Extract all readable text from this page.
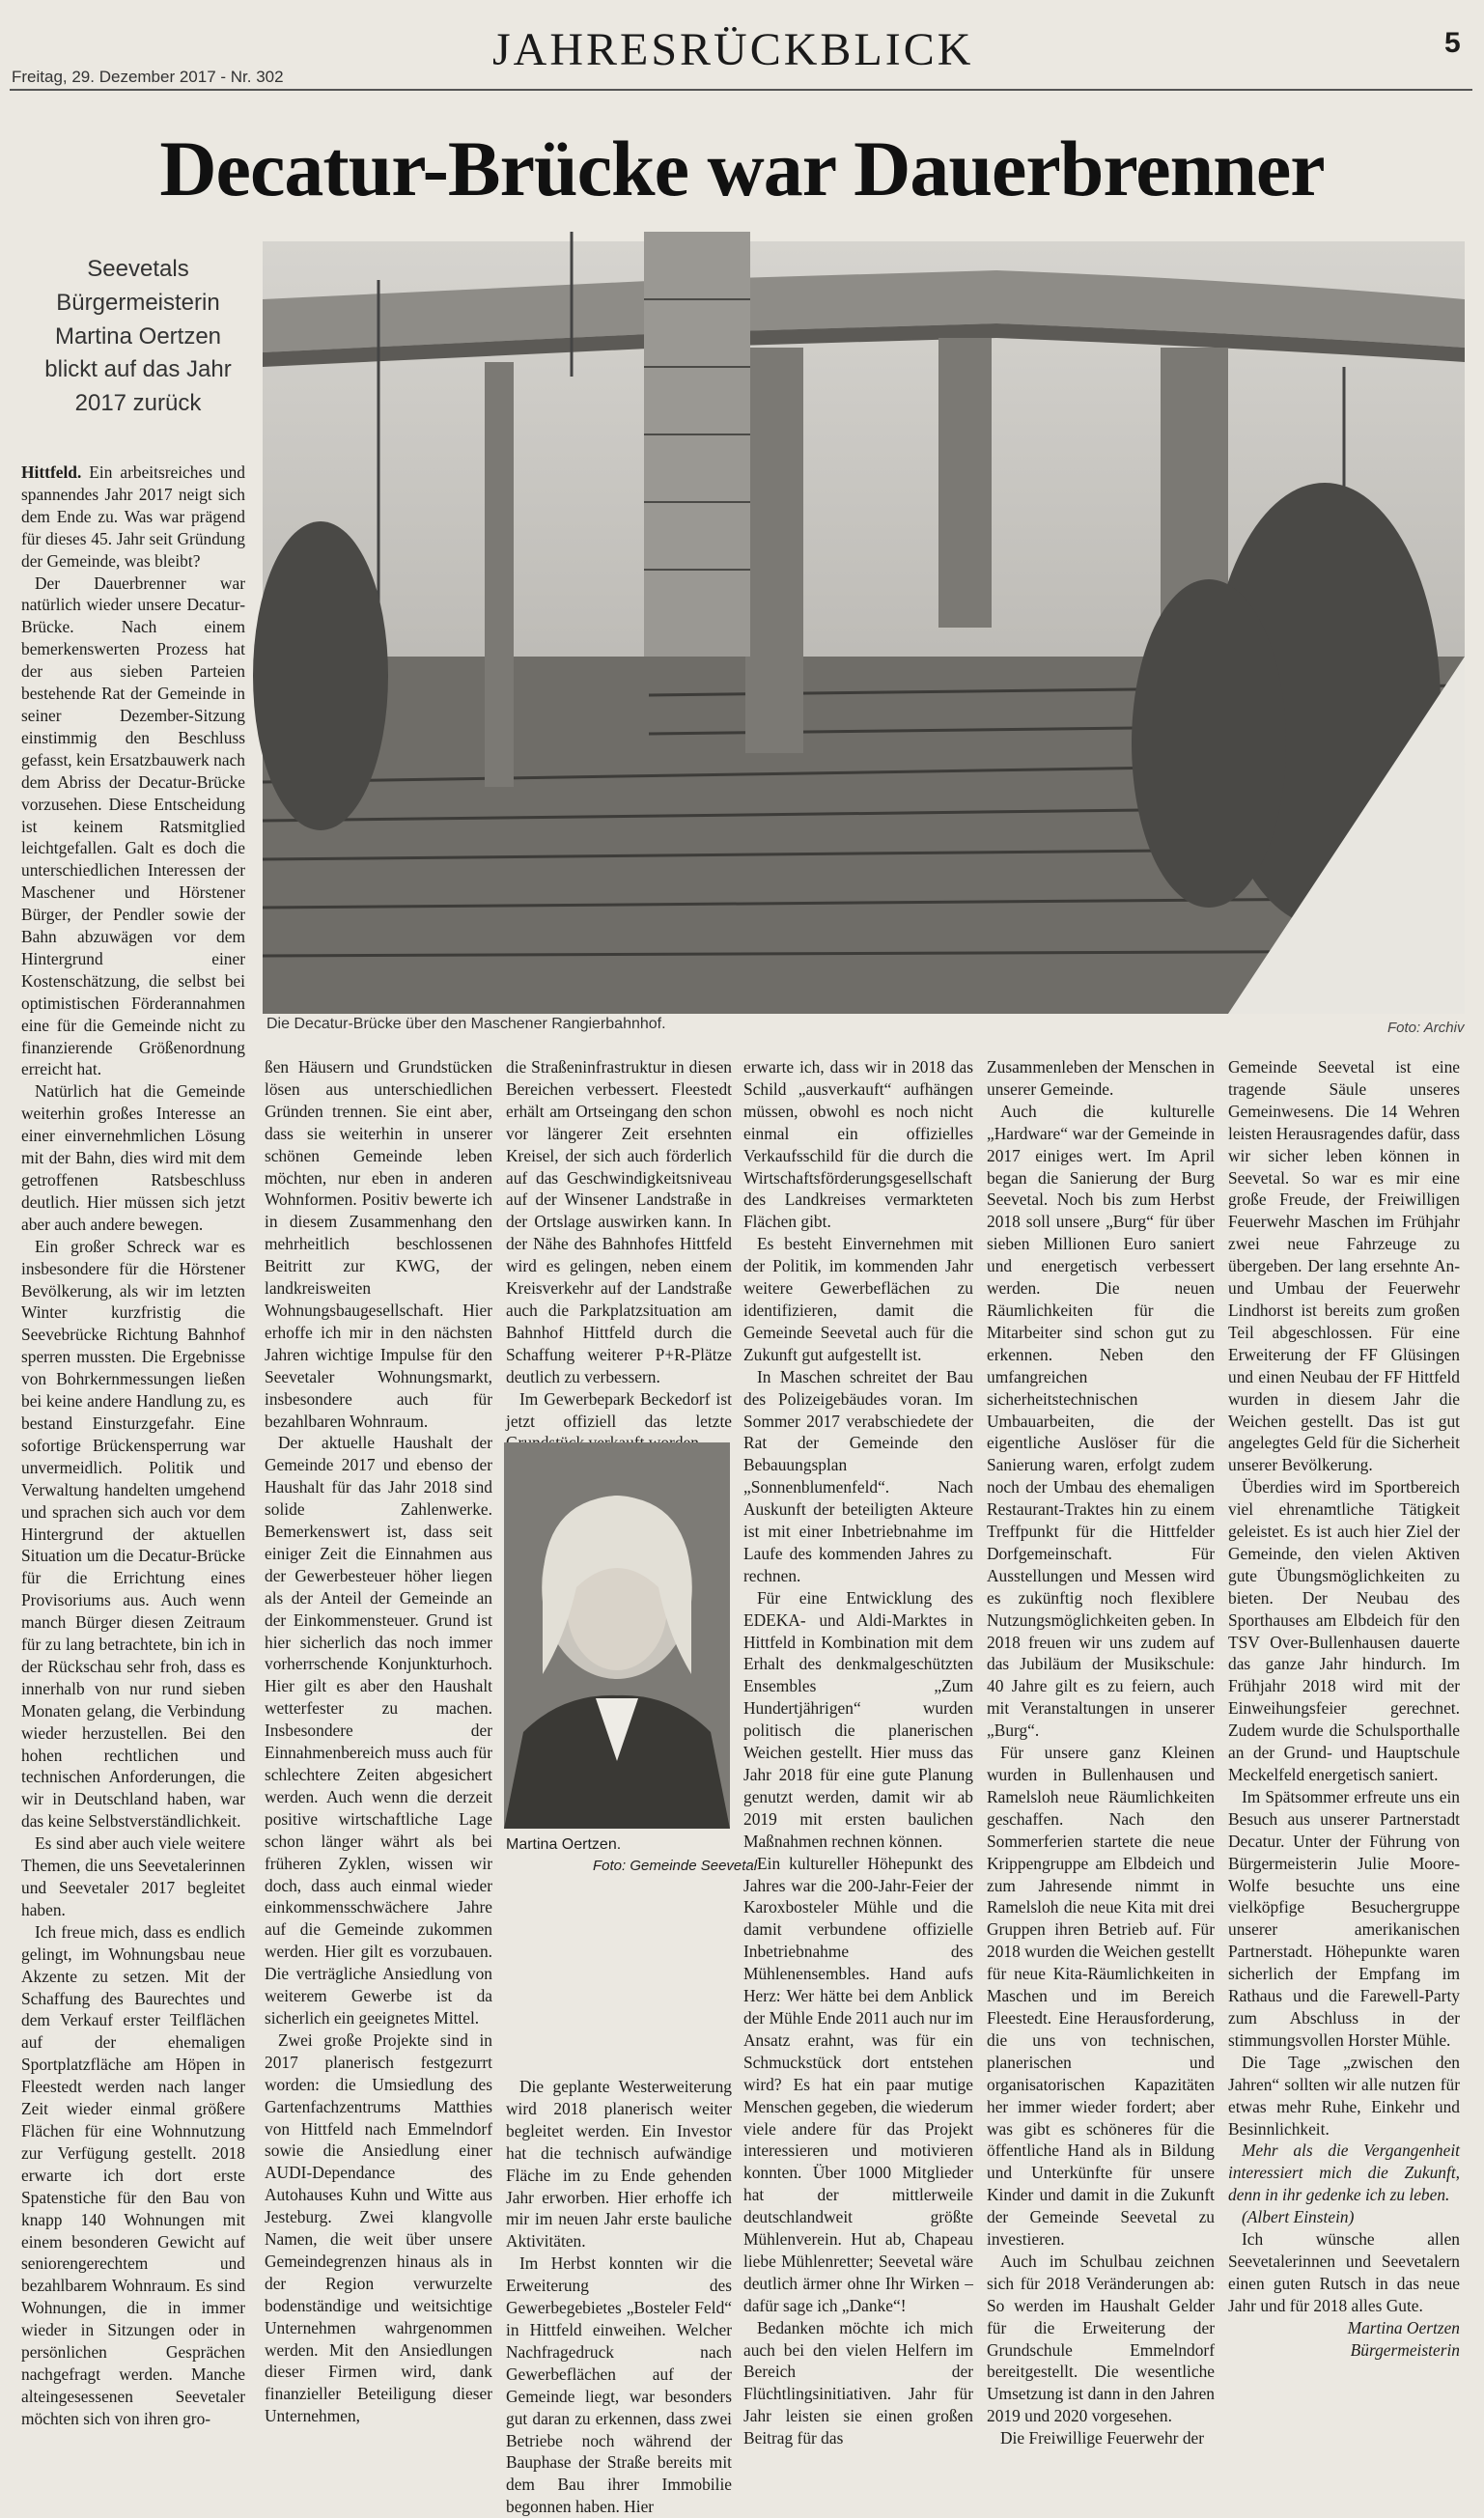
Freitag, 29. Dezember 2017 - Nr. 302
JAHRESRÜCKBLICK	5
Decatur-Brücke war Dauerbrenner
Seevetals Bürgermeisterin Martina Oertzen blickt auf das Jahr 2017 zurück
Die Decatur-Brücke über den Maschener Rangierbahnhof.	Foto: Archiv

Hittfeld. Ein arbeitsreiches und spannendes Jahr 2017 neigt sich dem Ende zu. Was war prägend für dieses 45. Jahr seit Gründung der Gemeinde, was bleibt?

Der Dauerbrenner war natürlich wieder unsere Decatur-Brücke. Nach einem bemerkenswerten Prozess hat der aus sieben Parteien bestehende Rat der Gemeinde in seiner Dezember-Sitzung einstimmig den Beschluss gefasst, kein Ersatzbauwerk nach dem Abriss der Decatur-Brücke vorzusehen. Diese Entscheidung ist keinem Ratsmitglied leichtgefallen. Galt es doch die unterschiedlichen Interessen der Maschener und Hörstener Bürger, der Pendler sowie der Bahn abzuwägen vor dem Hintergrund einer Kostenschätzung, die selbst bei optimistischen Förderannahmen eine für die Gemeinde nicht zu finanzierende Größenordnung erreicht hat.

Natürlich hat die Gemeinde weiterhin großes Interesse an einer einvernehmlichen Lösung mit der Bahn, dies wird mit dem getroffenen Ratsbeschluss deutlich. Hier müssen sich jetzt aber auch andere bewegen.

Ein großer Schreck war es insbesondere für die Hörstener Bevölkerung, als wir im letzten Winter kurzfristig die Seevebrücke Richtung Bahnhof sperren mussten. Die Ergebnisse von Bohrkernmessungen ließen bei keine andere Handlung zu, es bestand Einsturzgefahr. Eine sofortige Brückensperrung war unvermeidlich. Politik und Verwaltung handelten umgehend und sprachen sich auch vor dem Hintergrund der aktuellen Situation um die Decatur-Brücke für die Errichtung eines Provisoriums aus. Auch wenn manch Bürger diesen Zeitraum für zu lang betrachtete, bin ich in der Rückschau sehr froh, dass es innerhalb von nur rund sieben Monaten gelang, die Verbindung wieder herzustellen. Bei den hohen rechtlichen und technischen Anforderungen, die wir in Deutschland haben, war das keine Selbstverständlichkeit.

Es sind aber auch viele weitere Themen, die uns Seevetalerinnen und Seevetaler 2017 begleitet haben.

Ich freue mich, dass es endlich gelingt, im Wohnungsbau neue Akzente zu setzen. Mit der Schaffung des Baurechtes und dem Verkauf erster Teilflächen auf der ehemaligen Sportplatzfläche am Höpen in Fleestedt werden nach langer Zeit wieder einmal größere Flächen für eine Wohnnutzung zur Verfügung gestellt. 2018 erwarte ich dort erste Spatenstiche für den Bau von knapp 140 Wohnungen mit einem besonderen Gewicht auf seniorengerechtem und bezahlbarem Wohnraum. Es sind Wohnungen, die in immer wieder in Sitzungen oder in persönlichen Gesprächen nachgefragt werden. Manche alteingesessenen Seevetaler möchten sich von ihren gro-

ßen Häusern und Grundstücken lösen aus unterschiedlichen Gründen trennen. Sie eint aber, dass sie weiterhin in unserer schönen Gemeinde leben möchten, nur eben in anderen Wohnformen. Positiv bewerte ich in diesem Zusammenhang den mehrheitlich beschlossenen Beitritt zur KWG, der landkreisweiten Wohnungsbaugesellschaft. Hier erhoffe ich mir in den nächsten Jahren wichtige Impulse für den Seevetaler Wohnungsmarkt, insbesondere auch für bezahlbaren Wohnraum.

Der aktuelle Haushalt der Gemeinde 2017 und ebenso der Haushalt für das Jahr 2018 sind solide Zahlenwerke. Bemerkenswert ist, dass seit einiger Zeit die Einnahmen aus der Gewerbesteuer höher liegen als der Anteil der Gemeinde an der Einkommensteuer. Grund ist hier sicherlich das noch immer vorherrschende Konjunkturhoch. Hier gilt es aber den Haushalt wetterfester zu machen. Insbesondere der Einnahmenbereich muss auch für schlechtere Zeiten abgesichert werden. Auch wenn die derzeit positive wirtschaftliche Lage schon länger währt als bei früheren Zyklen, wissen wir doch, dass auch einmal wieder einkommensschwächere Jahre auf die Gemeinde zukommen werden. Hier gilt es vorzubauen. Die verträgliche Ansiedlung von weiterem Gewerbe ist da sicherlich ein geeignetes Mittel.

Zwei große Projekte sind in 2017 planerisch festgezurrt worden: die Umsiedlung des Gartenfachzentrums Matthies von Hittfeld nach Emmelndorf sowie die Ansiedlung einer AUDI-Dependance des Autohauses Kuhn und Witte aus Jesteburg. Zwei klangvolle Namen, die weit über unsere Gemeindegrenzen hinaus als in der Region verwurzelte bodenständige und weitsichtige Unternehmen wahrgenommen werden. Mit den Ansiedlungen dieser Firmen wird, dank finanzieller Beteiligung dieser Unternehmen,

die Straßeninfrastruktur in diesen Bereichen verbessert. Fleestedt erhält am Ortseingang den schon vor längerer Zeit ersehnten Kreisel, der sich auch förderlich auf das Geschwindigkeitsniveau auf der Winsener Landstraße in der Ortslage auswirken kann. In der Nähe des Bahnhofes Hittfeld wird es gelingen, neben einem Kreisverkehr auf der Landstraße auch die Parkplatzsituation am Bahnhof Hittfeld durch die Schaffung weiterer P+R-Plätze deutlich zu verbessern.

Im Gewerbepark Beckedorf ist jetzt offiziell das letzte

Martina Oertzen.
Foto: Gemeinde Seevetal

Die geplante Westerweiterung wird 2018 planerisch weiter begleitet werden. Ein Investor hat die technisch aufwändige Fläche im zu Ende gehenden Jahr erworben. Hier erhoffe ich mir im neuen Jahr erste bauliche Aktivitäten.

Im Herbst konnten wir die Erweiterung des Gewerbegebietes „Bosteler Feld“ in Hittfeld einweihen. Welcher Nachfragedruck nach Gewerbeflächen auf der Gemeinde liegt, war besonders gut daran zu erkennen, dass zwei Betriebe noch während der Bauphase der Straße bereits mit dem Bau ihrer Immobilie begonnen haben. Hier

erwarte ich, dass wir in 2018 das Schild „ausverkauft“ aufhängen müssen, obwohl es noch nicht einmal ein offizielles Verkaufsschild für die durch die Wirtschaftsförderungsgesellschaft des Landkreises vermarkteten Flächen gibt.

Es besteht Einvernehmen mit der Politik, im kommenden Jahr weitere Gewerbeflächen zu identifizieren, damit die Gemeinde Seevetal auch für die Zukunft gut aufgestellt ist.

In Maschen schreitet der Bau des Polizeigebäudes voran. Im Sommer 2017 verabschiedete der Rat der Gemeinde den Bebauungsplan „Sonnenblumenfeld“. Nach Auskunft der beteiligten Akteure ist mit einer Inbetriebnahme im Laufe des kommenden Jahres zu rechnen.

Für eine Entwicklung des EDEKA- und Aldi-Marktes in Hittfeld in Kombination mit dem Erhalt des denkmalgeschützten Ensembles „Zum Hundertjährigen“ wurden politisch die planerischen Weichen gestellt. Hier muss das Jahr 2018 für eine gute Planung genutzt werden, damit wir ab 2019 mit ersten baulichen Maßnahmen rechnen können.

Ein kultureller Höhepunkt des Jahres war die 200-Jahr-Feier der Karoxbosteler Mühle und die damit verbundene offizielle Inbetriebnahme des Mühlenensembles. Hand aufs Herz: Wer hätte bei dem Anblick der Mühle Ende 2011 auch nur im Ansatz erahnt, was für ein Schmuckstück dort entstehen wird? Es hat ein paar mutige Menschen gegeben, die wiederum viele andere für das Projekt interessieren und motivieren konnten. Über 1000 Mitglieder hat der mittlerweile deutschlandweit größte Mühlenverein. Hut ab, Chapeau liebe Mühlenretter; Seevetal wäre deutlich ärmer ohne Ihr Wirken – dafür sage ich „Danke“!

Bedanken möchte ich mich auch bei den vielen Helfern im Bereich der Flüchtlingsinitiativen. Jahr für Jahr leisten sie einen großen Beitrag für das

Zusammenleben der Menschen in unserer Gemeinde.

Auch die kulturelle „Hardware“ war der Gemeinde in 2017 einiges wert. Im April began die Sanierung der Burg Seevetal. Noch bis zum Herbst 2018 soll unsere „Burg“ für über sieben Millionen Euro saniert und energetisch verbessert werden. Die neuen Räumlichkeiten für die Mitarbeiter sind schon gut zu erkennen. Neben den umfangreichen sicherheitstechnischen Umbauarbeiten, die der eigentliche Auslöser für die Sanierung waren, erfolgt zudem noch der Umbau des ehemaligen Restaurant-Traktes hin zu einem Treffpunkt für die Hittfelder Dorfgemeinschaft. Für Ausstellungen und Messen wird es zukünftig noch flexiblere Nutzungsmöglichkeiten geben. In 2018 freuen wir uns zudem auf das Jubiläum der Musikschule: 40 Jahre gilt es zu feiern, auch mit Veranstaltungen in unserer „Burg“.

Für unsere ganz Kleinen wurden in Bullenhausen und Ramelsloh neue Räumlichkeiten geschaffen. Nach den Sommerferien startete die neue Krippengruppe am Elbdeich und zum Jahresende nimmt in Ramelsloh die neue Kita mit drei Gruppen ihren Betrieb auf. Für 2018 wurden die Weichen gestellt für neue Kita-Räumlichkeiten in Maschen und im Bereich Fleestedt. Eine Herausforderung, die uns von technischen, planerischen und organisatorischen Kapazitäten her immer wieder fordert; aber was gibt es schöneres für die öffentliche Hand als in Bildung und Unterkünfte für unsere Kinder und damit in die Zukunft der Gemeinde Seevetal zu investieren.

Auch im Schulbau zeichnen sich für 2018 Veränderungen ab: So werden im Haushalt Gelder für die Erweiterung der Grundschule Emmelndorf bereitgestellt. Die wesentliche Umsetzung ist dann in den Jahren 2019 und 2020 vorgesehen.

Die Freiwillige Feuerwehr der

Gemeinde Seevetal ist eine tragende Säule unseres Gemeinwesens. Die 14 Wehren leisten Herausragendes dafür, dass wir sicher leben können in Seevetal. So war es mir eine große Freude, der Freiwilligen Feuerwehr Maschen im Frühjahr zwei neue Fahrzeuge zu übergeben. Der lang ersehnte An- und Umbau der Feuerwehr Lindhorst ist bereits zum großen Teil abgeschlossen. Für eine Erweiterung der FF Glüsingen und einen Neubau der FF Hittfeld wurden in diesem Jahr die Weichen gestellt. Das ist gut angelegtes Geld für die Sicherheit unserer Bevölkerung.

Überdies wird im Sportbereich viel ehrenamtliche Tätigkeit geleistet. Es ist auch hier Ziel der Gemeinde, den vielen Aktiven gute Übungsmöglichkeiten zu bieten. Der Neubau des Sporthauses am Elbdeich für den TSV Over-Bullenhausen dauerte das ganze Jahr hindurch. Im Frühjahr 2018 wird mit der Einweihungsfeier gerechnet. Zudem wurde die Schulsporthalle an der Grund- und Hauptschule Meckelfeld energetisch saniert.

Im Spätsommer erfreute uns ein Besuch aus unserer Partnerstadt Decatur. Unter der Führung von Bürgermeisterin Julie Moore-Wolfe besuchte uns eine vielköpfige Besuchergruppe unserer amerikanischen Partnerstadt. Höhepunkte waren sicherlich der Empfang im Rathaus und die Farewell-Party zum Abschluss in der stimmungsvollen Horster Mühle.

Die Tage „zwischen den Jahren“ sollten wir alle nutzen für etwas mehr Ruhe, Einkehr und Besinnlichkeit.

Mehr als die Vergangenheit interessiert mich die Zukunft, denn in ihr gedenke ich zu leben.

(Albert Einstein)

Ich wünsche allen Seevetalerinnen und Seevetalern einen guten Rutsch in das neue Jahr und für 2018 alles Gute.

Martina Oertzen

Bürgermeisterin
